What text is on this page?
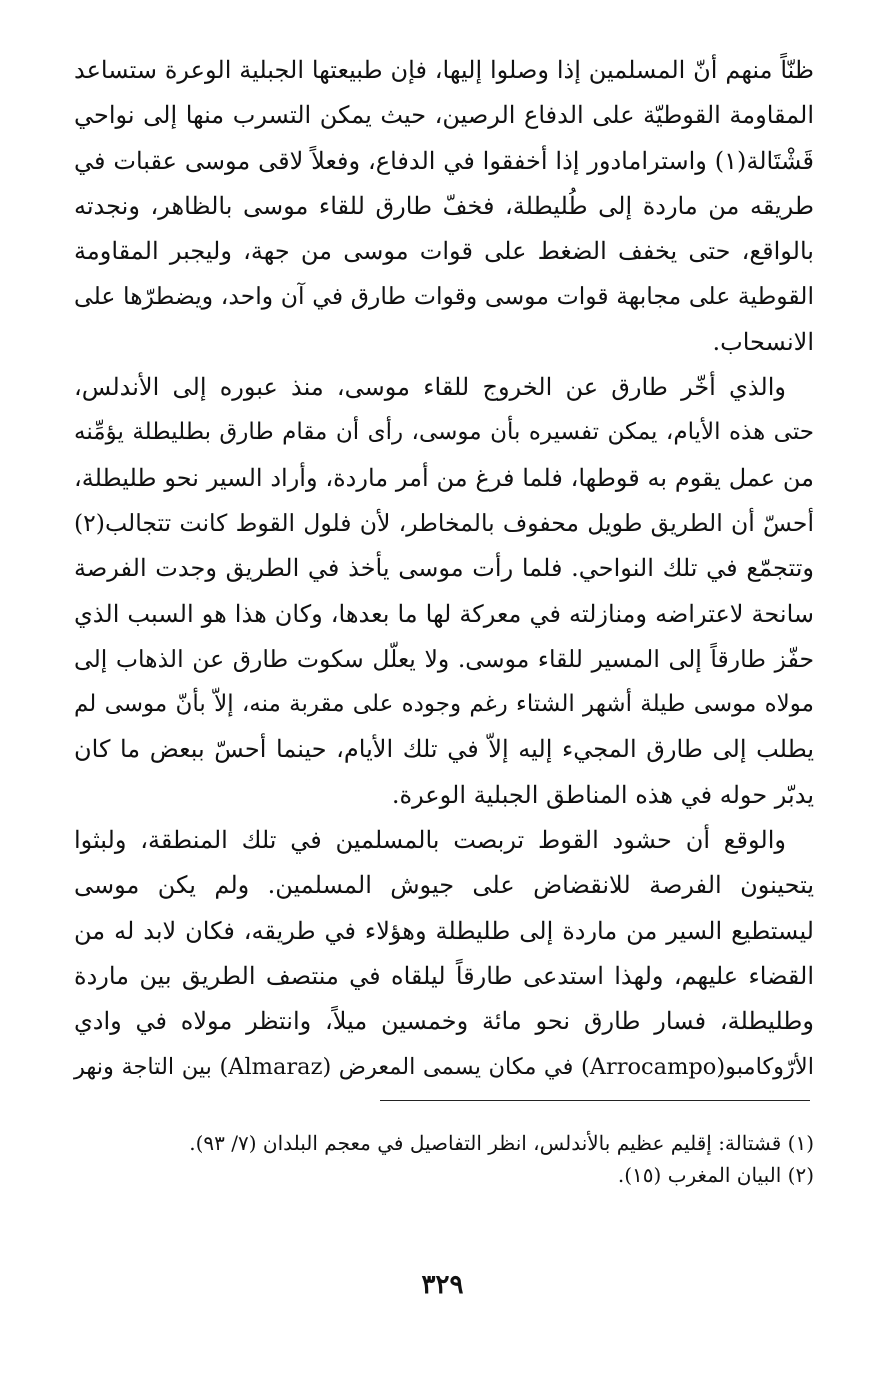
ظنّاً منهم أنّ المسلمين إذا وصلوا إليها، فإن طبيعتها الجبلية الوعرة ستساعد
المقاومة القوطيّة على الدفاع الرصين، حيث يمكن التسرب منها إلى نواحي
قَشْتَالة(١) واسترامادور إذا أخفقوا في الدفاع، وفعلاً لاقى موسى عقبات في
طريقه من ماردة إلى طُليطلة، فخفّ طارق للقاء موسى بالظاهر، ونجدته
بالواقع، حتى يخفف الضغط على قوات موسى من جهة، وليجبر المقاومة
القوطية على مجابهة قوات موسى وقوات طارق في آن واحد، ويضطرّها على
الانسحاب.
والذي أخّر طارق عن الخروج للقاء موسى، منذ عبوره إلى الأندلس،
حتى هذه الأيام، يمكن تفسيره بأن موسى، رأى أن مقام طارق بطليطلة يؤمِّنه
من عمل يقوم به قوطها، فلما فرغ من أمر ماردة، وأراد السير نحو طليطلة،
أحسّ أن الطريق طويل محفوف بالمخاطر، لأن فلول القوط كانت تتجالب(٢)
وتتجمّع في تلك النواحي. فلما رأت موسى يأخذ في الطريق وجدت الفرصة
سانحة لاعتراضه ومنازلته في معركة لها ما بعدها، وكان هذا هو السبب الذي
حفّز طارقاً إلى المسير للقاء موسى. ولا يعلّل سكوت طارق عن الذهاب إلى
مولاه موسى طيلة أشهر الشتاء رغم وجوده على مقربة منه، إلاّ بأنّ موسى لم
يطلب إلى طارق المجيء إليه إلاّ في تلك الأيام، حينما أحسّ ببعض ما كان
يدبّر حوله في هذه المناطق الجبلية الوعرة.
والوقع أن حشود القوط تربصت بالمسلمين في تلك المنطقة، ولبثوا
يتحينون الفرصة للانقضاض على جيوش المسلمين. ولم يكن موسى
ليستطيع السير من ماردة إلى طليطلة وهؤلاء في طريقه، فكان لابد له من
القضاء عليهم، ولهذا استدعى طارقاً ليلقاه في منتصف الطريق بين ماردة
وطليطلة، فسار طارق نحو مائة وخمسين ميلاً، وانتظر مولاه في وادي
الأرّوكامبو(Arrocampo) في مكان يسمى المعرض (Almaraz) بين التاجة ونهر
(١) قشتالة: إقليم عظيم بالأندلس، انظر التفاصيل في معجم البلدان (٧/ ٩٣).
(٢) البيان المغرب (١٥).
٣٢٩
